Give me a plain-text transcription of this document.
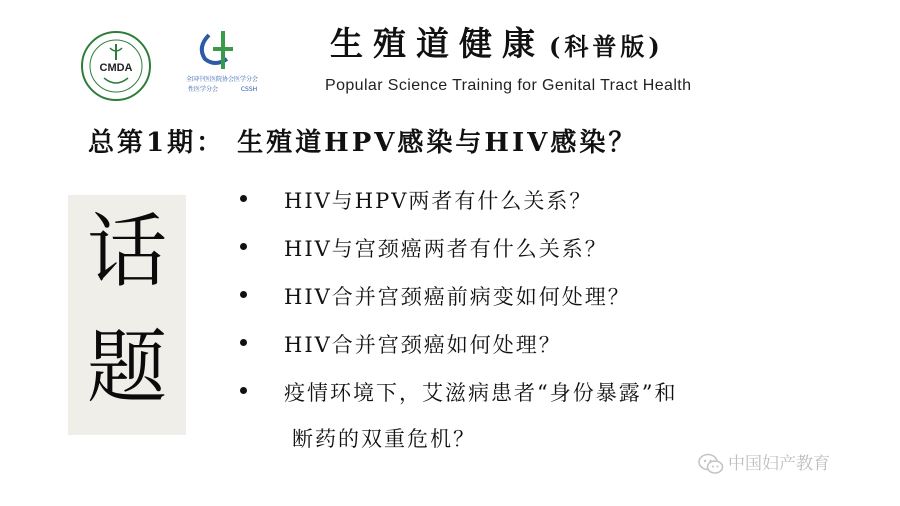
CMDA
全国中医医院协会医学分会
性医学分会	CSSH
生殖道健康 (科普版)
Popular Science Training for Genital Tract Health
总第1期： 生殖道HPV感染与HIV感染？
话
题
HIV与HPV两者有什么关系？
HIV与宫颈癌两者有什么关系？
HIV合并宫颈癌前病变如何处理？
HIV合并宫颈癌如何处理？
疫情环境下，艾滋病患者“身份暴露”和
断药的双重危机？
中国妇产教育
